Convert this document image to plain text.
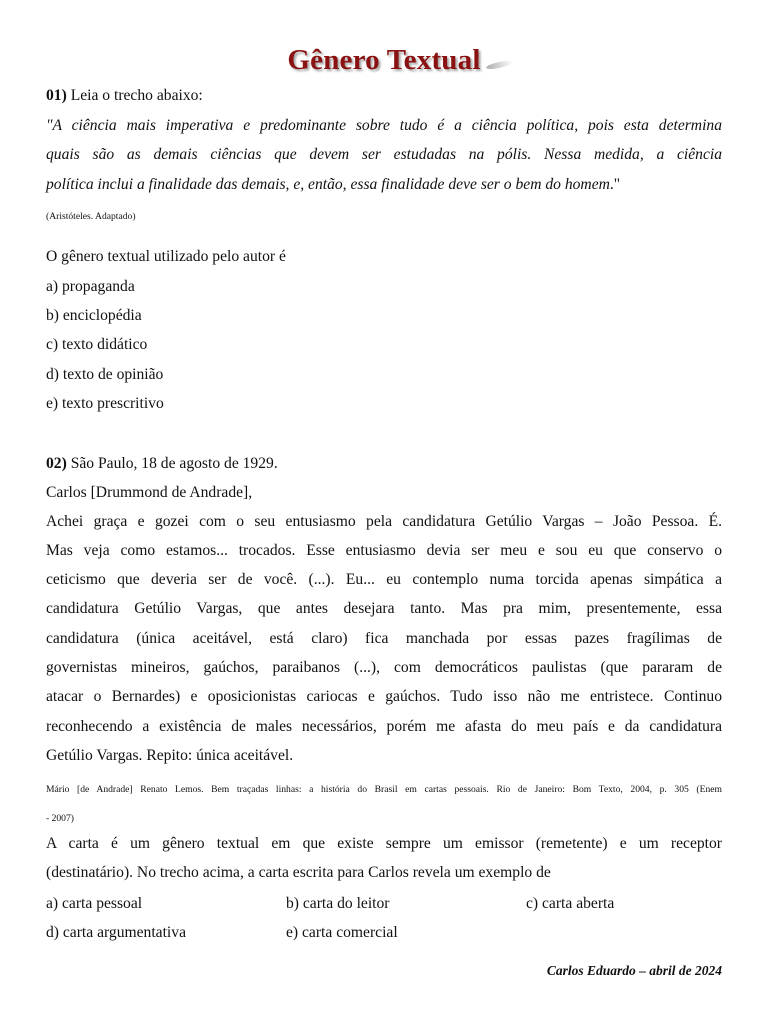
Gênero Textual
01) Leia o trecho abaixo:
"A ciência mais imperativa e predominante sobre tudo é a ciência política, pois esta determina
quais são as demais ciências que devem ser estudadas na pólis. Nessa medida, a ciência
política inclui a finalidade das demais, e, então, essa finalidade deve ser o bem do homem."
(Aristóteles. Adaptado)
O gênero textual utilizado pelo autor é
a) propaganda
b) enciclopédia
c) texto didático
d) texto de opinião
e) texto prescritivo
02) São Paulo, 18 de agosto de 1929.
Carlos [Drummond de Andrade],
Achei graça e gozei com o seu entusiasmo pela candidatura Getúlio Vargas – João Pessoa. É.
Mas veja como estamos... trocados. Esse entusiasmo devia ser meu e sou eu que conservo o
ceticismo que deveria ser de você. (...). Eu... eu contemplo numa torcida apenas simpática a
candidatura Getúlio Vargas, que antes desejara tanto. Mas pra mim, presentemente, essa
candidatura (única aceitável, está claro) fica manchada por essas pazes fragílimas de
governistas mineiros, gaúchos, paraibanos (...), com democráticos paulistas (que pararam de
atacar o Bernardes) e oposicionistas cariocas e gaúchos. Tudo isso não me entristece. Continuo
reconhecendo a existência de males necessários, porém me afasta do meu país e da candidatura
Getúlio Vargas. Repito: única aceitável.
Mário [de Andrade] Renato Lemos. Bem traçadas linhas: a história do Brasil em cartas pessoais. Rio de Janeiro: Bom Texto, 2004, p. 305 (Enem
- 2007)
A carta é um gênero textual em que existe sempre um emissor (remetente) e um receptor
(destinatário). No trecho acima, a carta escrita para Carlos revela um exemplo de
a) carta pessoal	b) carta do leitor	c) carta aberta
d) carta argumentativa	e) carta comercial
Carlos Eduardo – abril de 2024
